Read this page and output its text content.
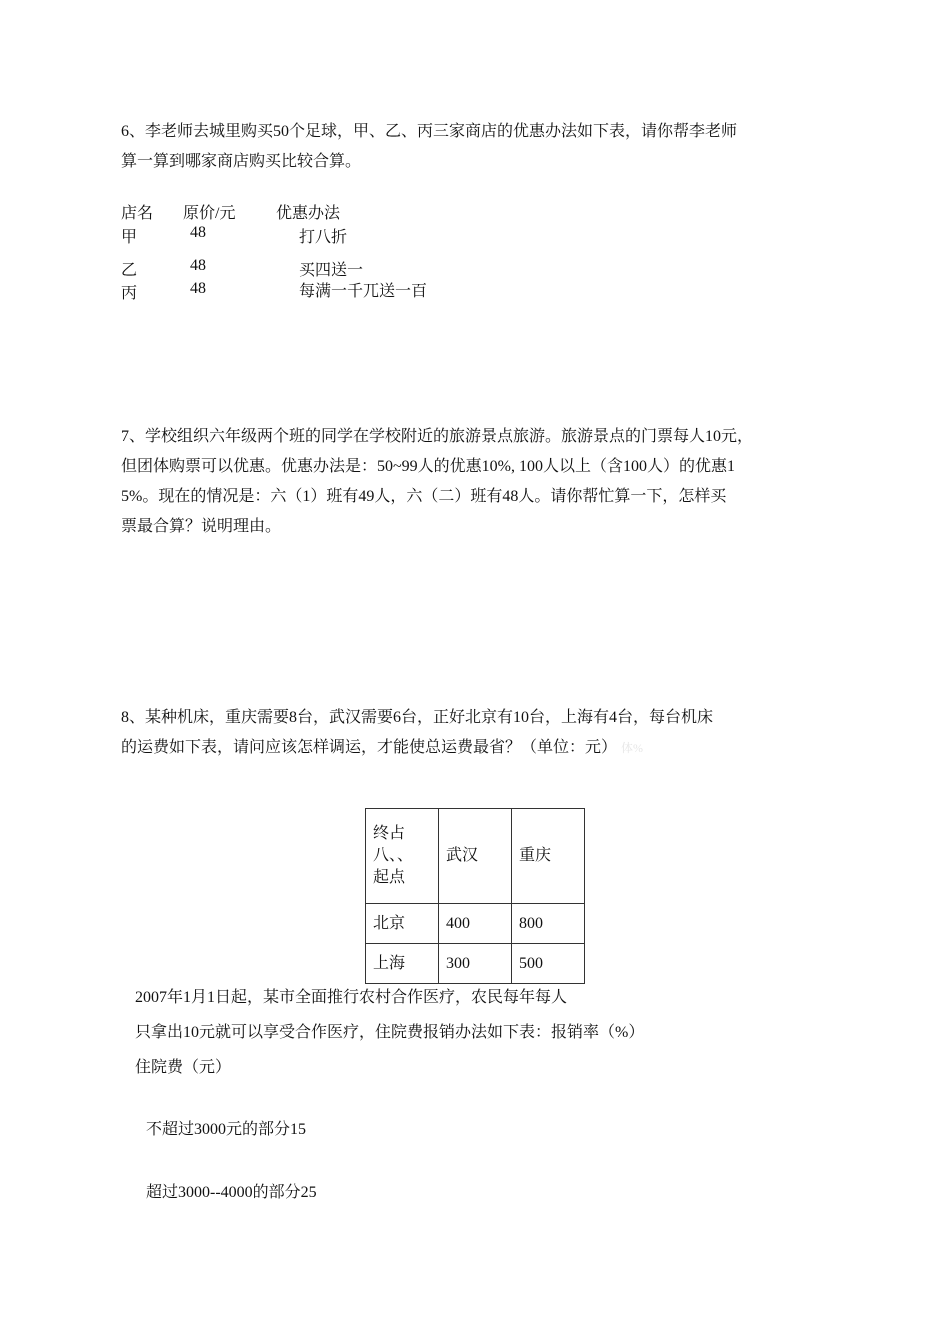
6、李老师去城里购买50个足球，甲、乙、丙三家商店的优惠办法如下表，请你帮李老师
算一算到哪家商店购买比较合算。
店名 原价/元	优惠办法
甲	48	打八折
乙	48	买四送一
丙	48	每满一千兀送一百
7、学校组织六年级两个班的同学在学校附近的旅游景点旅游。旅游景点的门票每人10元，
但团体购票可以优惠。优惠办法是：50~99人的优惠10%, 100人以上（含100人）的优惠1
5%。现在的情况是：六（1）班有49人，六（二）班有48人。请你帮忙算一下，怎样买
票最合算？说明理由。
8、某种机床，重庆需要8台，武汉需要6台，正好北京有10台，上海有4台，每台机床
的运费如下表，请问应该怎样调运，才能使总运费最省？（单位：元） 体%
终占
八、、
起点	武汉	重庆
北京	400	800
上海	300	500
2007年1月1日起，某市全面推行农村合作医疗，农民每年每人
只拿出10元就可以享受合作医疗，住院费报销办法如下表：报销率（%）
住院费（元）
不超过3000元的部分15
超过3000--4000的部分25
